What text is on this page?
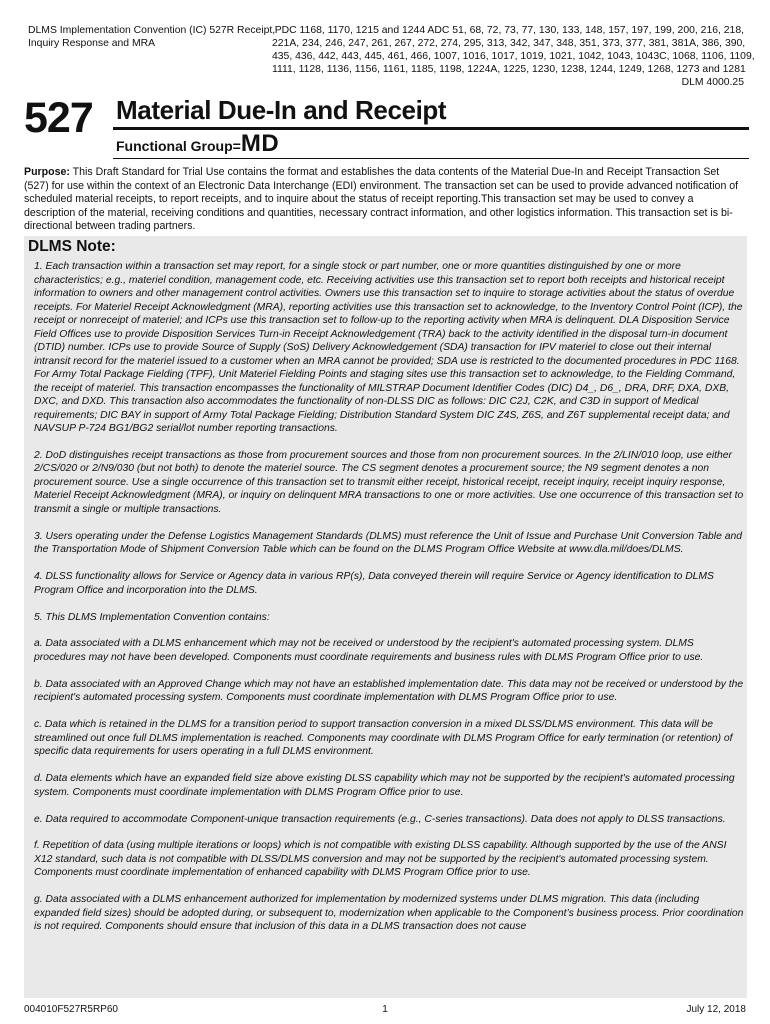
DLMS Implementation Convention (IC) 527R Receipt,
Inquiry Response and MRA
PDC 1168, 1170, 1215 and 1244 ADC 51, 68, 72, 73, 77, 130, 133, 148, 157, 197, 199, 200, 216, 218,
221A, 234, 246, 247, 261, 267, 272, 274, 295, 313, 342, 347, 348, 351, 373, 377, 381, 381A, 386, 390,
435, 436, 442, 443, 445, 461, 466, 1007, 1016, 1017, 1019, 1021, 1042, 1043, 1043C, 1068, 1106, 1109,
1111, 1128, 1136, 1156, 1161, 1185, 1198, 1224A, 1225, 1230, 1238, 1244, 1249, 1268, 1273 and 1281
DLM 4000.25
527 Material Due-In and Receipt
Functional Group=MD
Purpose: This Draft Standard for Trial Use contains the format and establishes the data contents of the Material Due-In and Receipt Transaction Set (527) for use within the context of an Electronic Data Interchange (EDI) environment. The transaction set can be used to provide advanced notification of scheduled material receipts, to report receipts, and to inquire about the status of receipt reporting.This transaction set may be used to convey a description of the material, receiving conditions and quantities, necessary contract information, and other logistics information. This transaction set is bi-directional between trading partners.
DLMS Note:

1. Each transaction within a transaction set may report, for a single stock or part number, one or more quantities distinguished by one or more characteristics; e.g., materiel condition, management code, etc. Receiving activities use this transaction set to report both receipts and historical receipt information to owners and other management control activities. Owners use this transaction set to inquire to storage activities about the status of overdue receipts. For Materiel Receipt Acknowledgment (MRA), reporting activities use this transaction set to acknowledge, to the Inventory Control Point (ICP), the receipt or nonreceipt of materiel; and ICPs use this transaction set to follow-up to the reporting activity when MRA is delinquent. DLA Disposition Service Field Offices use to provide Disposition Services Turn-in Receipt Acknowledgement (TRA) back to the activity identified in the disposal turn-in document (DTID) number. ICPs use to provide Source of Supply (SoS) Delivery Acknowledgement (SDA) transaction for IPV materiel to close out their internal intransit record for the materiel issued to a customer when an MRA cannot be provided; SDA use is restricted to the documented procedures in PDC 1168. For Army Total Package Fielding (TPF), Unit Materiel Fielding Points and staging sites use this transaction set to acknowledge, to the Fielding Command, the receipt of materiel. This transaction encompasses the functionality of MILSTRAP Document Identifier Codes (DIC) D4_, D6_, DRA, DRF, DXA, DXB, DXC, and DXD. This transaction also accommodates the functionality of non-DLSS DIC as follows: DIC C2J, C2K, and C3D in support of Medical requirements; DIC BAY in support of Army Total Package Fielding; Distribution Standard System DIC Z4S, Z6S, and Z6T supplemental receipt data; and NAVSUP P-724 BG1/BG2 serial/lot number reporting transactions.

2. DoD distinguishes receipt transactions as those from procurement sources and those from non procurement sources. In the 2/LIN/010 loop, use either 2/CS/020 or 2/N9/030 (but not both) to denote the materiel source. The CS segment denotes a procurement source; the N9 segment denotes a non procurement source. Use a single occurrence of this transaction set to transmit either receipt, historical receipt, receipt inquiry, receipt inquiry response, Materiel Receipt Acknowledgment (MRA), or inquiry on delinquent MRA transactions to one or more activities. Use one occurrence of this transaction set to transmit a single or multiple transactions.

3. Users operating under the Defense Logistics Management Standards (DLMS) must reference the Unit of Issue and Purchase Unit Conversion Table and the Transportation Mode of Shipment Conversion Table which can be found on the DLMS Program Office Website at www.dla.mil/does/DLMS.

4. DLSS functionality allows for Service or Agency data in various RP(s), Data conveyed therein will require Service or Agency identification to DLMS Program Office and incorporation into the DLMS.

5. This DLMS Implementation Convention contains:

a. Data associated with a DLMS enhancement which may not be received or understood by the recipient's automated processing system. DLMS procedures may not have been developed. Components must coordinate requirements and business rules with DLMS Program Office prior to use.

b. Data associated with an Approved Change which may not have an established implementation date. This data may not be received or understood by the recipient's automated processing system. Components must coordinate implementation with DLMS Program Office prior to use.

c. Data which is retained in the DLMS for a transition period to support transaction conversion in a mixed DLSS/DLMS environment. This data will be streamlined out once full DLMS implementation is reached. Components may coordinate with DLMS Program Office for early termination (or retention) of specific data requirements for users operating in a full DLMS environment.

d. Data elements which have an expanded field size above existing DLSS capability which may not be supported by the recipient's automated processing system. Components must coordinate implementation with DLMS Program Office prior to use.

e. Data required to accommodate Component-unique transaction requirements (e.g., C-series transactions). Data does not apply to DLSS transactions.

f. Repetition of data (using multiple iterations or loops) which is not compatible with existing DLSS capability. Although supported by the use of the ANSI X12 standard, such data is not compatible with DLSS/DLMS conversion and may not be supported by the recipient's automated processing system. Components must coordinate implementation of enhanced capability with DLMS Program Office prior to use.

g. Data associated with a DLMS enhancement authorized for implementation by modernized systems under DLMS migration. This data (including expanded field sizes) should be adopted during, or subsequent to, modernization when applicable to the Component’s business process. Prior coordination is not required. Components should ensure that inclusion of this data in a DLMS transaction does not cause

004010F527R5RP60	1	July 12, 2018
